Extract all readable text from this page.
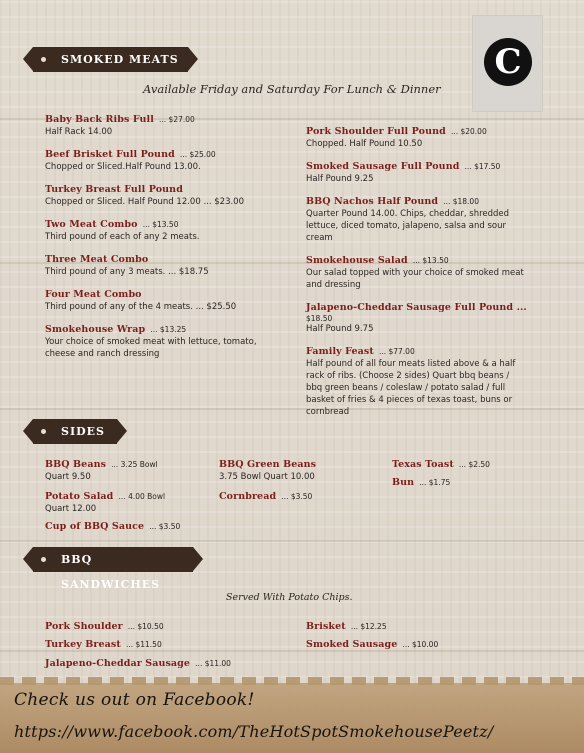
C
SMOKED MEATS
Available Friday and Saturday For Lunch & Dinner
Baby Back Ribs Full ... $27.00
Half Rack 14.00
Beef Brisket Full Pound ... $25.00
Chopped or Sliced.Half Pound 13.00.
Turkey Breast Full Pound
Chopped or Sliced. Half Pound 12.00 ... $23.00
Two Meat Combo ... $13.50
Third pound of each of any 2 meats.
Three Meat Combo
Third pound of any 3 meats. ... $18.75
Four Meat Combo
Third pound of any of the 4 meats. ... $25.50
Smokehouse Wrap ... $13.25
Your choice of smoked meat with lettuce, tomato, cheese and ranch dressing
Pork Shoulder Full Pound ... $20.00
Chopped. Half Pound 10.50
Smoked Sausage Full Pound ... $17.50
Half Pound 9.25
BBQ Nachos Half Pound ... $18.00
Quarter Pound 14.00. Chips, cheddar, shredded lettuce, diced tomato, jalapeno, salsa and sour cream
Smokehouse Salad ... $13.50
Our salad topped with your choice of smoked meat and dressing
Jalapeno-Cheddar Sausage Full Pound ...
$18.50
Half Pound 9.75
Family Feast ... $77.00
Half pound of all four meats listed above & a half rack of ribs. (Choose 2 sides) Quart bbq beans / bbq green beans / coleslaw / potato salad / full basket of fries & 4 pieces of texas toast, buns or cornbread
SIDES
BBQ Beans ... 3.25 Bowl
Quart 9.50
Potato Salad ... 4.00 Bowl
Quart 12.00
Cup of BBQ Sauce ... $3.50
BBQ Green Beans
3.75 Bowl Quart 10.00
Cornbread ... $3.50
Texas Toast ... $2.50
Bun ... $1.75
BBQ SANDWICHES
Served With Potato Chips.
Pork Shoulder ... $10.50
Turkey Breast ... $11.50
Jalapeno-Cheddar Sausage ... $11.00
Brisket ... $12.25
Smoked Sausage ... $10.00
Check us out on Facebook!
https://www.facebook.com/TheHotSpotSmokehousePeetz/
